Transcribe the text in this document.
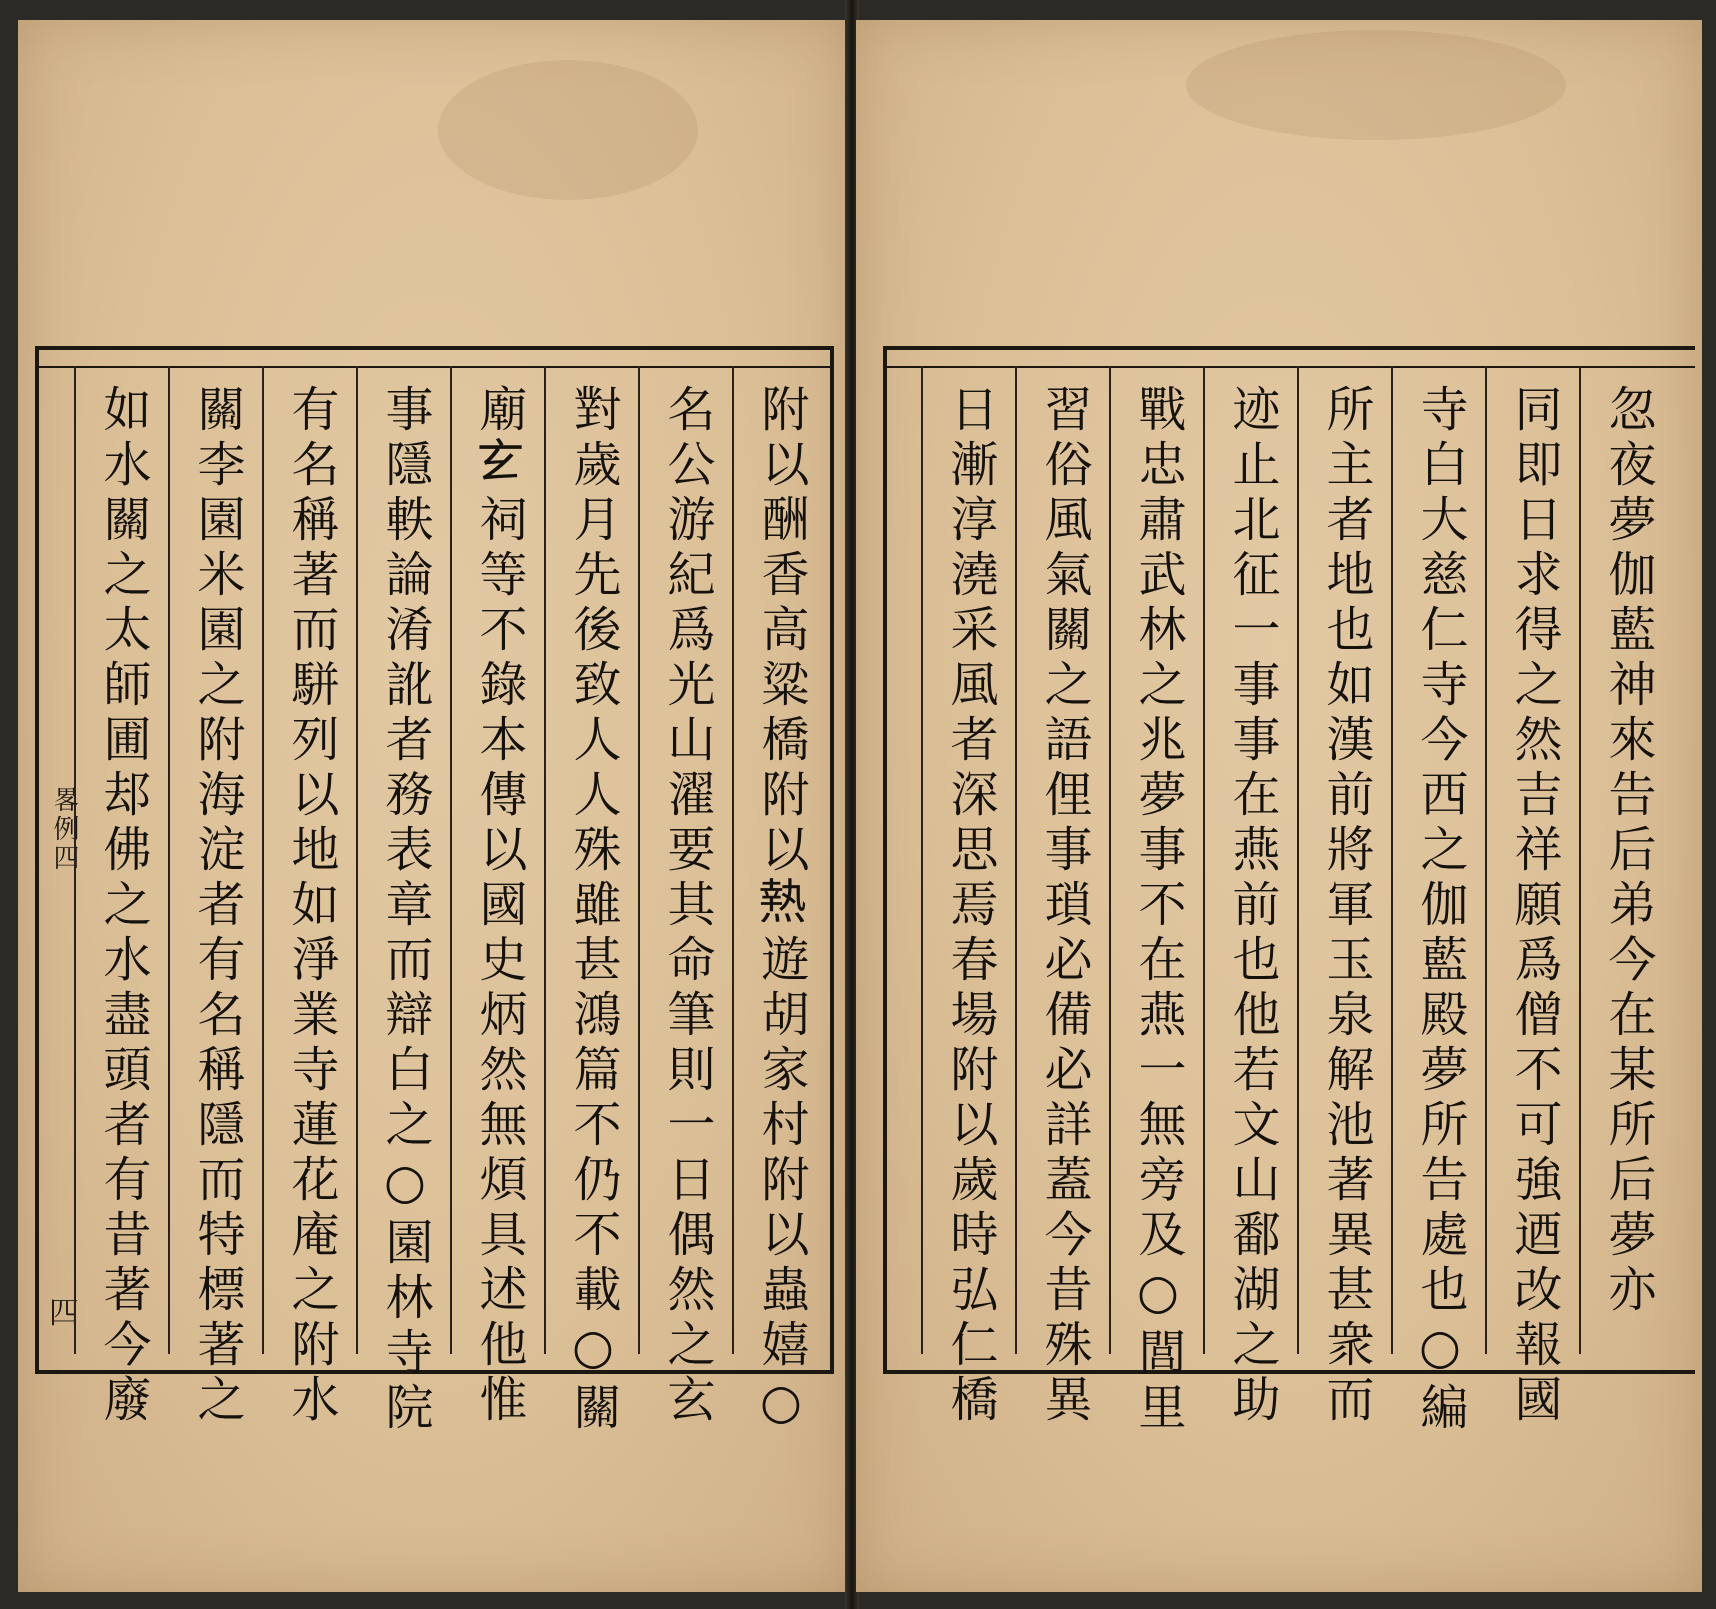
畧例四
四	附以酬香高粱橋附以𤍠遊胡家村附以蟲嬉○
名公游紀爲光山濯要其命筆則一日偶然之玄
對歲月先後致人人殊雖甚鴻篇不仍不載○關
廟𤣥祠等不錄本傳以國史炳然無煩具述他惟
事隱軼論淆訛者務表章而辯白之○園林寺院
有名稱著而駢列以地如淨業寺蓮花庵之附水
關李園米園之附海淀者有名稱隱而特標著之
如水關之太師圃𨚫佛之水盡頭者有昔著今廢	忽夜夢伽藍神來告后弟今在某所后夢亦
同即日求得之然吉祥願爲僧不可強迺改報國
寺白大慈仁寺今西之伽藍殿夢所告處也○編
所主者地也如漢前將軍玉泉解池著異甚衆而
迹止北征一事事在燕前也他若文山鄱湖之助
戰忠肅武林之兆夢事不在燕一無旁及○閭里
習俗風氣關之語俚事瑣必備必詳蓋今昔殊異
日漸淳澆采風者深思焉春場附以歲時弘仁橋
